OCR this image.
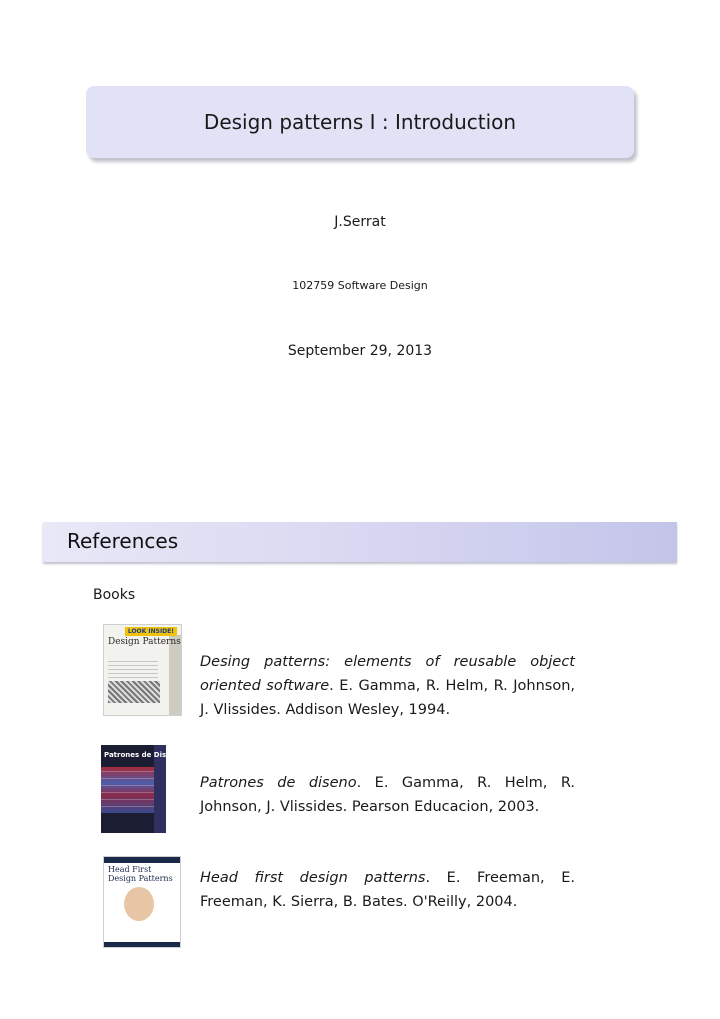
Design patterns I : Introduction
J.Serrat
102759 Software Design
September 29, 2013
References
Books
LOOK INSIDE!
Design Patterns
Desing patterns: elements of reusable object oriented software. E. Gamma, R. Helm, R. Johnson, J. Vlissides. Addison Wesley, 1994.
Patrones de Diseño
Patrones de diseno. E. Gamma, R. Helm, R. Johnson, J. Vlissides. Pearson Educacion, 2003.
Head First
Design Patterns Head first design patterns. E. Freeman, E. Freeman, K. Sierra, B. Bates. O'Reilly, 2004.
